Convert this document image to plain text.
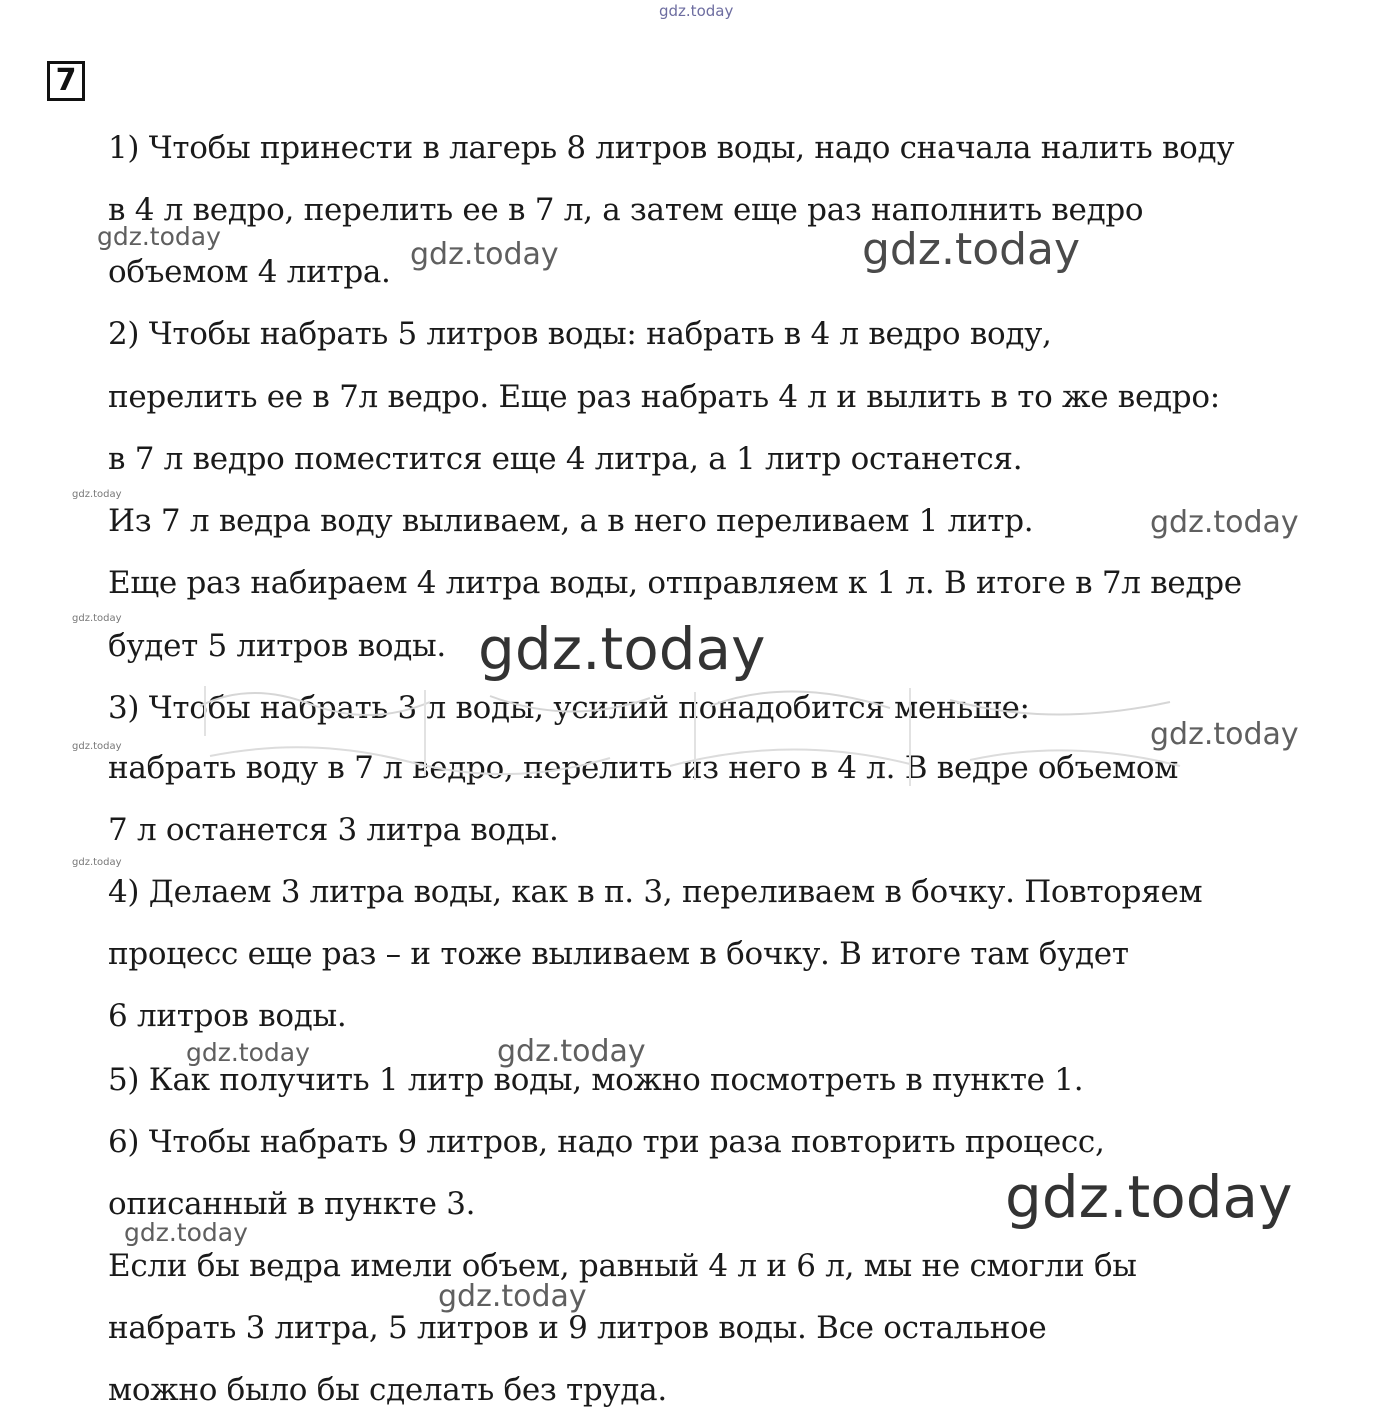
7
1) Чтобы принести в лагерь 8 литров воды, надо сначала налить воду
в 4 л ведро, перелить ее в 7 л, а затем еще раз наполнить ведро
объемом 4 литра.
2) Чтобы набрать 5 литров воды: набрать в 4 л ведро воду,
перелить ее в 7л ведро. Еще раз набрать 4 л и вылить в то же ведро:
в 7 л ведро поместится еще 4 литра, а 1 литр останется.
Из 7 л ведра воду выливаем, а в него переливаем 1 литр.
Еще раз набираем 4 литра воды, отправляем к 1 л. В итоге в 7л ведре
будет 5 литров воды.
3) Чтобы набрать 3 л воды, усилий понадобится меньше:
набрать воду в 7 л ведро, перелить из него в 4 л. В ведре объемом
7 л останется 3 литра воды.
4) Делаем 3 литра воды, как в п. 3, переливаем в бочку. Повторяем
процесс еще раз – и тоже выливаем в бочку. В итоге там будет
6 литров воды.
5) Как получить 1 литр воды, можно посмотреть в пункте 1.
6) Чтобы набрать 9 литров, надо три раза повторить процесс,
описанный в пункте 3.
Если бы ведра имели объем, равный 4 л и 6 л, мы не смогли бы
набрать 3 литра, 5 литров и 9 литров воды. Все остальное
можно было бы сделать без труда.
gdz.today
gdz.today
gdz.today	gdz.today
gdz.today
gdz.today
gdz.today	gdz.today
gdz.today
gdz.today
gdz.today
gdz.today	gdz.today
gdz.today
gdz.today
gdz.today
